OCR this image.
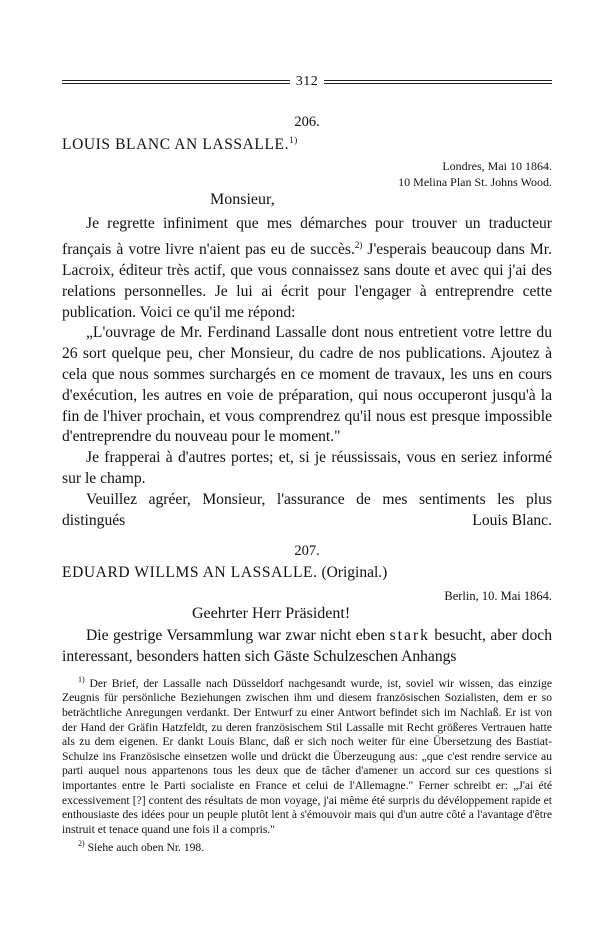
312
206.
LOUIS BLANC AN LASSALLE.$^{1)}$
Londres, Mai 10 1864.
10 Melina Plan St. Johns Wood.
Monsieur,

Je regrette infiniment que mes démarches pour trouver un traducteur français à votre livre n'aient pas eu de succès.$^{2)}$ J'esperais beaucoup dans Mr. Lacroix, éditeur très actif, que vous connaissez sans doute et avec qui j'ai des relations personnelles. Je lui ai écrit pour l'engager à entreprendre cette publication. Voici ce qu'il me répond:

„L'ouvrage de Mr. Ferdinand Lassalle dont nous entretient votre lettre du 26 sort quelque peu, cher Monsieur, du cadre de nos publications. Ajoutez à cela que nous sommes surchargés en ce moment de travaux, les uns en cours d'exécution, les autres en voie de préparation, qui nous occuperont jusqu'à la fin de l'hiver prochain, et vous comprendrez qu'il nous est presque impossible d'entreprendre du nouveau pour le moment."

Je frapperai à d'autres portes; et, si je réussissais, vous en seriez informé sur le champ.

Veuillez agréer, Monsieur, l'assurance de mes sentiments les plus

distingués	Louis Blanc.
207.
EDUARD WILLMS AN LASSALLE. (Original.)
Berlin, 10. Mai 1864.
Geehrter Herr Präsident!

Die gestrige Versammlung war zwar nicht eben stark besucht, aber doch interessant, besonders hatten sich Gäste Schulzeschen Anhangs

$^{1)}$ Der Brief, der Lassalle nach Düsseldorf nachgesandt wurde, ist, soviel wir wissen, das einzige Zeugnis für persönliche Beziehungen zwischen ihm und diesem französischen Sozialisten, dem er so beträchtliche Anregungen verdankt. Der Entwurf zu einer Antwort befindet sich im Nachlaß. Er ist von der Hand der Gräfin Hatzfeldt, zu deren französischem Stil Lassalle mit Recht größeres Vertrauen hatte als zu dem eigenen. Er dankt Louis Blanc, daß er sich noch weiter für eine Übersetzung des Bastiat-Schulze ins Französische einsetzen wolle und drückt die Überzeugung aus: „que c'est rendre service au parti auquel nous appartenons tous les deux que de tâcher d'amener un accord sur ces questions si importantes entre le Parti socialiste en France et celui de l'Allemagne." Ferner schreibt er: „J'ai été excessivement [?] content des résultats de mon voyage, j'ai même été surpris du dévéloppement rapide et enthousiaste des idées pour un peuple plutôt lent à s'émouvoir mais qui d'un autre côté a l'avantage d'être instruit et tenace quand une fois il a compris."

$^{2)}$ Siehe auch oben Nr. 198.
